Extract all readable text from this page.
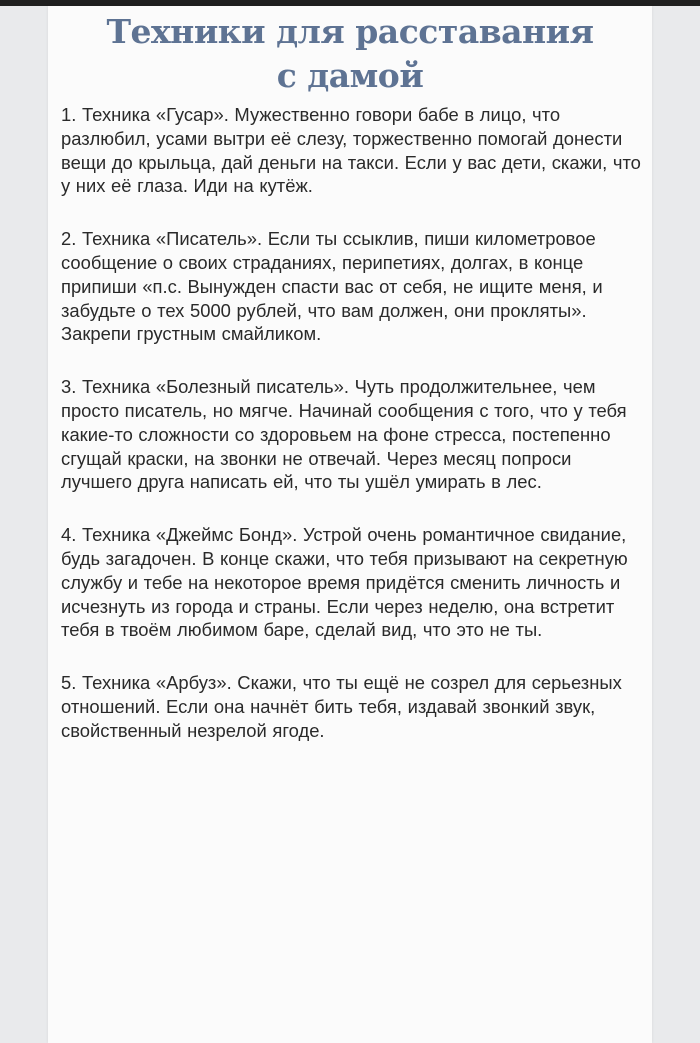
Техники для расставания
с дамой

1. Техника «Гусар». Мужественно говори бабе в лицо, что разлюбил, усами вытри её слезу, торжественно помогай донести вещи до крыльца, дай деньги на такси. Если у вас дети, скажи, что у них её глаза. Иди на кутёж.

2. Техника «Писатель». Если ты ссыклив, пиши километровое сообщение о своих страданиях, перипетиях, долгах, в конце припиши «п.с. Вынужден спасти вас от себя, не ищите меня, и забудьте о тех 5000 рублей, что вам должен, они прокляты». Закрепи грустным смайликом.

3. Техника «Болезный писатель». Чуть продолжительнее, чем просто писатель, но мягче. Начинай сообщения с того, что у тебя какие-то сложности со здоровьем на фоне стресса, постепенно сгущай краски, на звонки не отвечай. Через месяц попроси лучшего друга написать ей, что ты ушёл умирать в лес.

4. Техника «Джеймс Бонд». Устрой очень романтичное свидание, будь загадочен. В конце скажи, что тебя призывают на секретную службу и тебе на некоторое время придётся сменить личность и исчезнуть из города и страны. Если через неделю, она встретит тебя в твоём любимом баре, сделай вид, что это не ты.

5. Техника «Арбуз». Скажи, что ты ещё не созрел для серьезных отношений. Если она начнёт бить тебя, издавай звонкий звук, свойственный незрелой ягоде.
